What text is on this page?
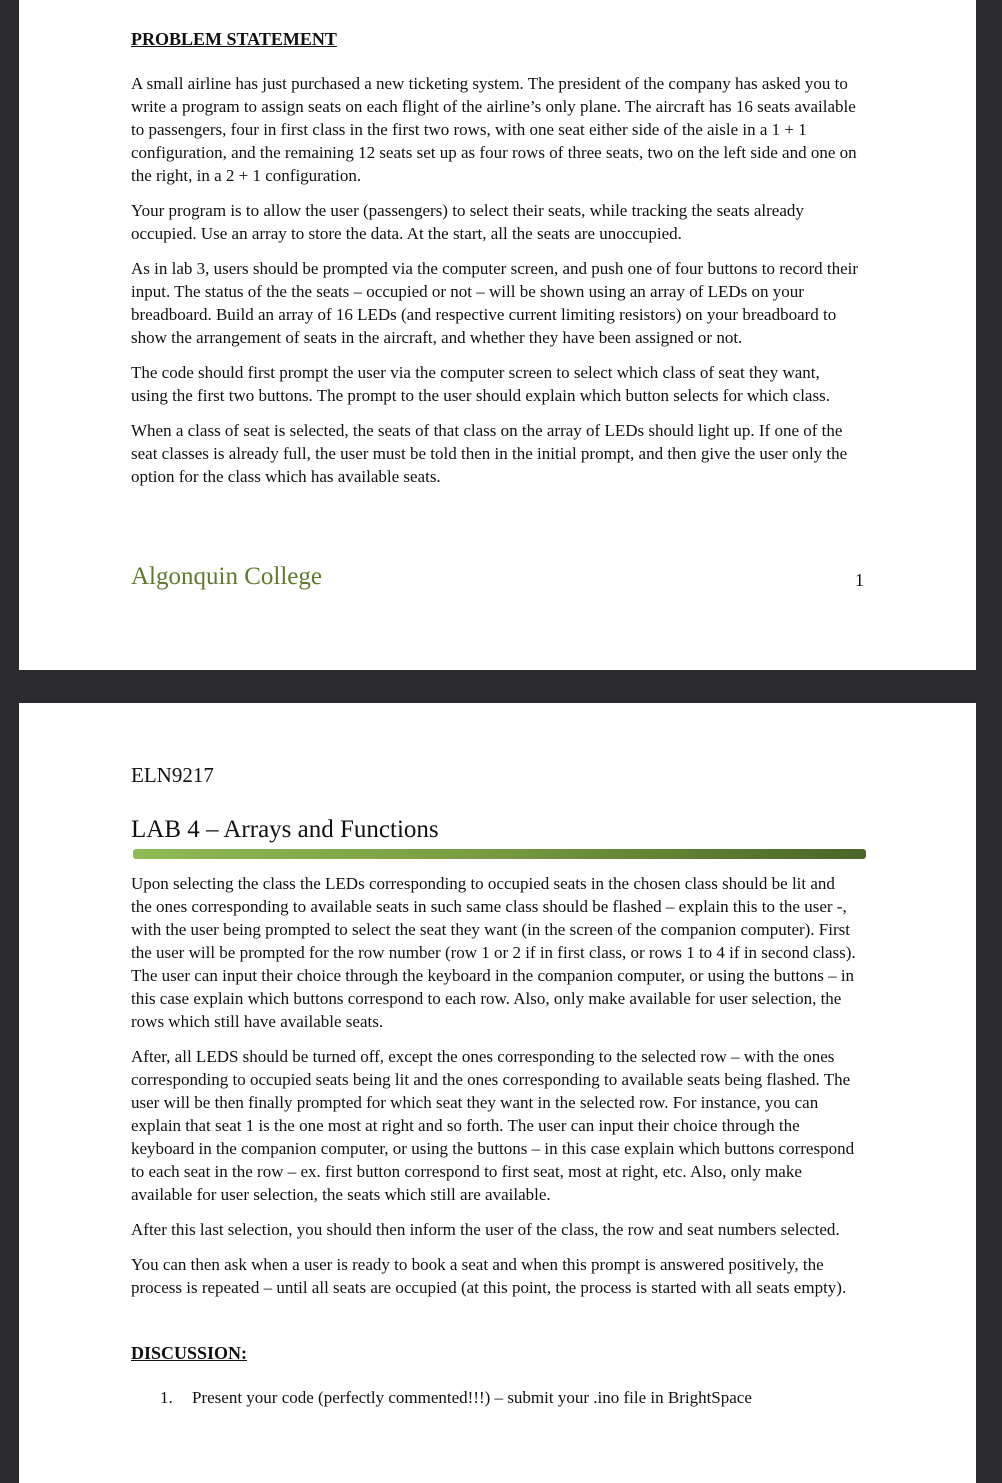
PROBLEM STATEMENT

A small airline has just purchased a new ticketing system. The president of the company has asked you to write a program to assign seats on each flight of the airline’s only plane. The aircraft has 16 seats available to passengers, four in first class in the first two rows, with one seat either side of the aisle in a 1 + 1 configuration, and the remaining 12 seats set up as four rows of three seats, two on the left side and one on the right, in a 2 + 1 configuration.

Your program is to allow the user (passengers) to select their seats, while tracking the seats already occupied. Use an array to store the data. At the start, all the seats are unoccupied.

As in lab 3, users should be prompted via the computer screen, and push one of four buttons to record their input. The status of the the seats – occupied or not – will be shown using an array of LEDs on your breadboard. Build an array of 16 LEDs (and respective current limiting resistors) on your breadboard to show the arrangement of seats in the aircraft, and whether they have been assigned or not.

The code should first prompt the user via the computer screen to select which class of seat they want, using the first two buttons. The prompt to the user should explain which button selects for which class.

When a class of seat is selected, the seats of that class on the array of LEDs should light up. If one of the seat classes is already full, the user must be told then in the initial prompt, and then give the user only the option for the class which has available seats.

Algonquin College	1
ELN9217
LAB 4 – Arrays and Functions

Upon selecting the class the LEDs corresponding to occupied seats in the chosen class should be lit and the ones corresponding to available seats in such same class should be flashed – explain this to the user -, with the user being prompted to select the seat they want (in the screen of the companion computer). First the user will be prompted for the row number (row 1 or 2 if in first class, or rows 1 to 4 if in second class). The user can input their choice through the keyboard in the companion computer, or using the buttons – in this case explain which buttons correspond to each row. Also, only make available for user selection, the rows which still have available seats.

After, all LEDS should be turned off, except the ones corresponding to the selected row – with the ones corresponding to occupied seats being lit and the ones corresponding to available seats being flashed. The user will be then finally prompted for which seat they want in the selected row. For instance, you can explain that seat 1 is the one most at right and so forth. The user can input their choice through the keyboard in the companion computer, or using the buttons – in this case explain which buttons correspond to each seat in the row – ex. first button correspond to first seat, most at right, etc. Also, only make available for user selection, the seats which still are available.

After this last selection, you should then inform the user of the class, the row and seat numbers selected.

You can then ask when a user is ready to book a seat and when this prompt is answered positively, the process is repeated – until all seats are occupied (at this point, the process is started with all seats empty).

DISCUSSION:
1.	Present your code (perfectly commented!!!) – submit your .ino file in BrightSpace
